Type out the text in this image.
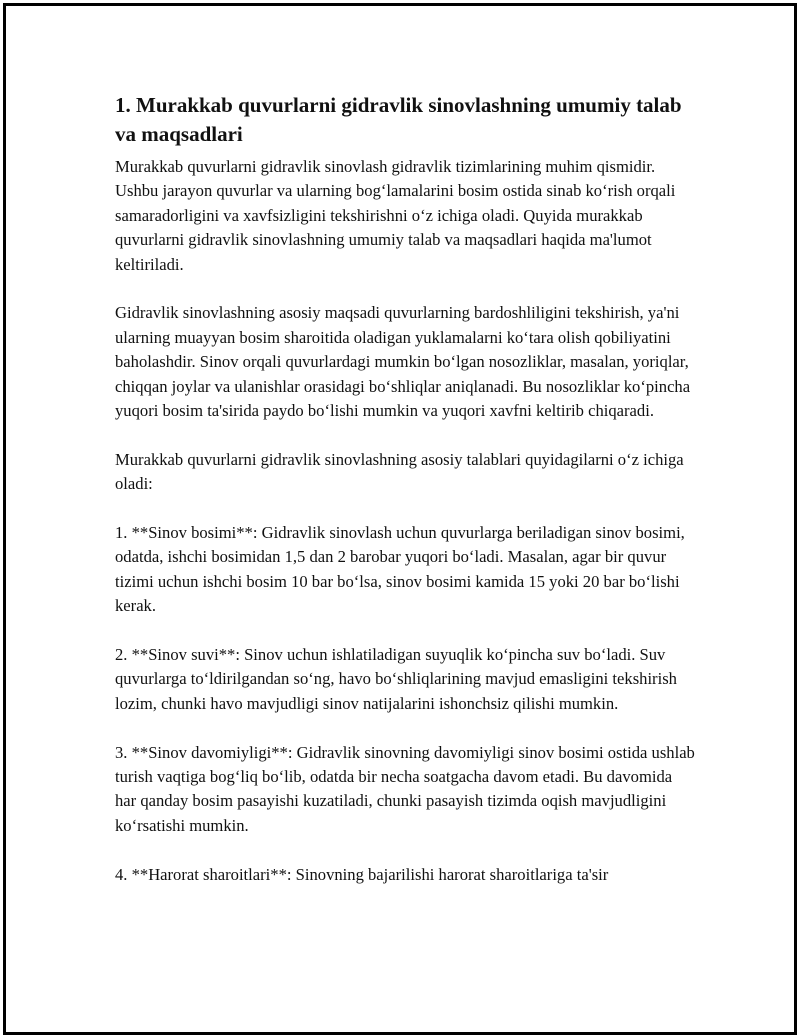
1. Murakkab quvurlarni gidravlik sinovlashning umumiy talab va maqsadlari

Murakkab quvurlarni gidravlik sinovlash gidravlik tizimlarining muhim qismidir. Ushbu jarayon quvurlar va ularning bog‘lamalarini bosim ostida sinab ko‘rish orqali samaradorligini va xavfsizligini tekshirishni o‘z ichiga oladi. Quyida murakkab quvurlarni gidravlik sinovlashning umumiy talab va maqsadlari haqida ma'lumot keltiriladi.

Gidravlik sinovlashning asosiy maqsadi quvurlarning bardoshliligini tekshirish, ya'ni ularning muayyan bosim sharoitida oladigan yuklamalarni ko‘tara olish qobiliyatini baholashdir. Sinov orqali quvurlardagi mumkin bo‘lgan nosozliklar, masalan, yoriqlar, chiqqan joylar va ulanishlar orasidagi bo‘shliqlar aniqlanadi. Bu nosozliklar ko‘pincha yuqori bosim ta'sirida paydo bo‘lishi mumkin va yuqori xavfni keltirib chiqaradi.

Murakkab quvurlarni gidravlik sinovlashning asosiy talablari quyidagilarni o‘z ichiga oladi:

1. **Sinov bosimi**: Gidravlik sinovlash uchun quvurlarga beriladigan sinov bosimi, odatda, ishchi bosimidan 1,5 dan 2 barobar yuqori bo‘ladi. Masalan, agar bir quvur tizimi uchun ishchi bosim 10 bar bo‘lsa, sinov bosimi kamida 15 yoki 20 bar bo‘lishi kerak.

2. **Sinov suvi**: Sinov uchun ishlatiladigan suyuqlik ko‘pincha suv bo‘ladi. Suv quvurlarga to‘ldirilgandan so‘ng, havo bo‘shliqlarining mavjud emasligini tekshirish lozim, chunki havo mavjudligi sinov natijalarini ishonchsiz qilishi mumkin.

3. **Sinov davomiyligi**: Gidravlik sinovning davomiyligi sinov bosimi ostida ushlab turish vaqtiga bog‘liq bo‘lib, odatda bir necha soatgacha davom etadi. Bu davomida har qanday bosim pasayishi kuzatiladi, chunki pasayish tizimda oqish mavjudligini ko‘rsatishi mumkin.

4. **Harorat sharoitlari**: Sinovning bajarilishi harorat sharoitlariga ta'sir
